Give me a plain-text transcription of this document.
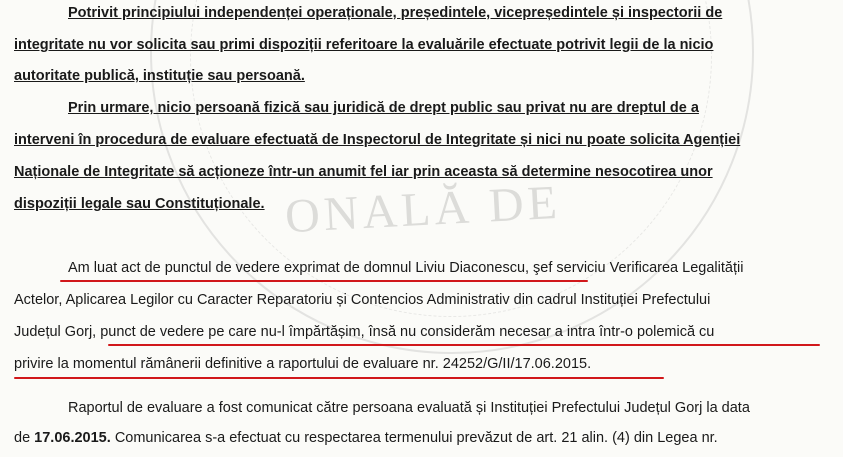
ONALĂ DE
Potrivit principiului independenței operaționale, președintele, vicepreședintele și inspectorii de
integritate nu vor solicita sau primi dispoziții referitoare la evaluările efectuate potrivit legii de la nicio
autoritate publică, instituție sau persoană.
Prin urmare, nicio persoană fizică sau juridică de drept public sau privat nu are dreptul de a
interveni în procedura de evaluare efectuată de Inspectorul de Integritate și nici nu poate solicita Agenției
Naționale de Integritate să acționeze într-un anumit fel iar prin aceasta să determine nesocotirea unor
dispoziții legale sau Constituționale.
Am luat act de punctul de vedere exprimat de domnul Liviu Diaconescu, şef serviciu Verificarea Legalității
Actelor, Aplicarea Legilor cu Caracter Reparatoriu și Contencios Administrativ din cadrul Instituției Prefectului
Județul Gorj, punct de vedere pe care nu-l împărtășim, însă nu considerăm necesar a intra într-o polemică cu
privire la momentul rămânerii definitive a raportului de evaluare nr. 24252/G/II/17.06.2015.
Raportul de evaluare a fost comunicat către persoana evaluată și Instituției Prefectului Județul Gorj la data
de 17.06.2015. Comunicarea s-a efectuat cu respectarea termenului prevăzut de art. 21 alin. (4) din Legea nr.
